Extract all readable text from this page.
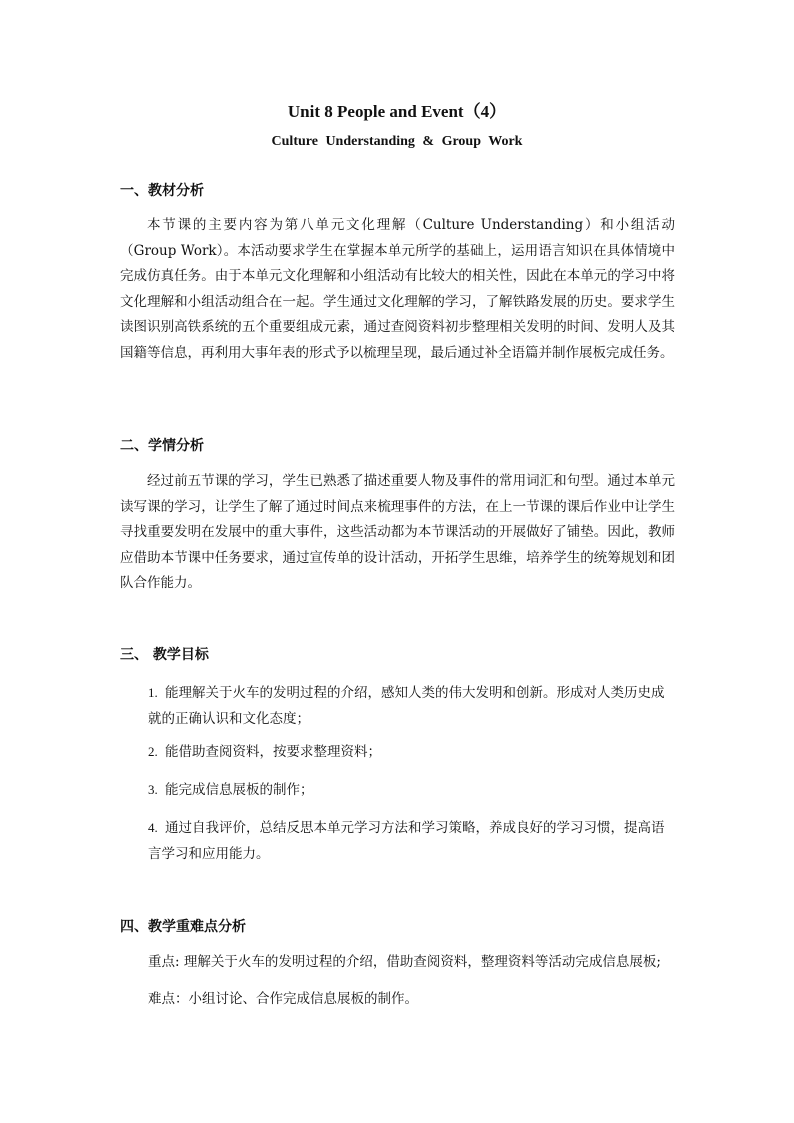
Unit 8 People and Event（4）
Culture Understanding & Group Work
一、教材分析
本节课的主要内容为第八单元文化理解（Culture Understanding）和小组活动（Group Work）。本活动要求学生在掌握本单元所学的基础上，运用语言知识在具体情境中完成仿真任务。由于本单元文化理解和小组活动有比较大的相关性，因此在本单元的学习中将文化理解和小组活动组合在一起。学生通过文化理解的学习，了解铁路发展的历史。要求学生读图识别高铁系统的五个重要组成元素，通过查阅资料初步整理相关发明的时间、发明人及其国籍等信息，再利用大事年表的形式予以梳理呈现，最后通过补全语篇并制作展板完成任务。
二、学情分析
经过前五节课的学习，学生已熟悉了描述重要人物及事件的常用词汇和句型。通过本单元读写课的学习，让学生了解了通过时间点来梳理事件的方法，在上一节课的课后作业中让学生寻找重要发明在发展中的重大事件，这些活动都为本节课活动的开展做好了铺垫。因此，教师应借助本节课中任务要求，通过宣传单的设计活动，开拓学生思维，培养学生的统筹规划和团队合作能力。
三、 教学目标
1. 能理解关于火车的发明过程的介绍，感知人类的伟大发明和创新。形成对人类历史成就的正确认识和文化态度；
2. 能借助查阅资料，按要求整理资料；
3. 能完成信息展板的制作；
4. 通过自我评价，总结反思本单元学习方法和学习策略，养成良好的学习习惯，提高语言学习和应用能力。
四、教学重难点分析
重点: 理解关于火车的发明过程的介绍，借助查阅资料，整理资料等活动完成信息展板;
难点：小组讨论、合作完成信息展板的制作。
